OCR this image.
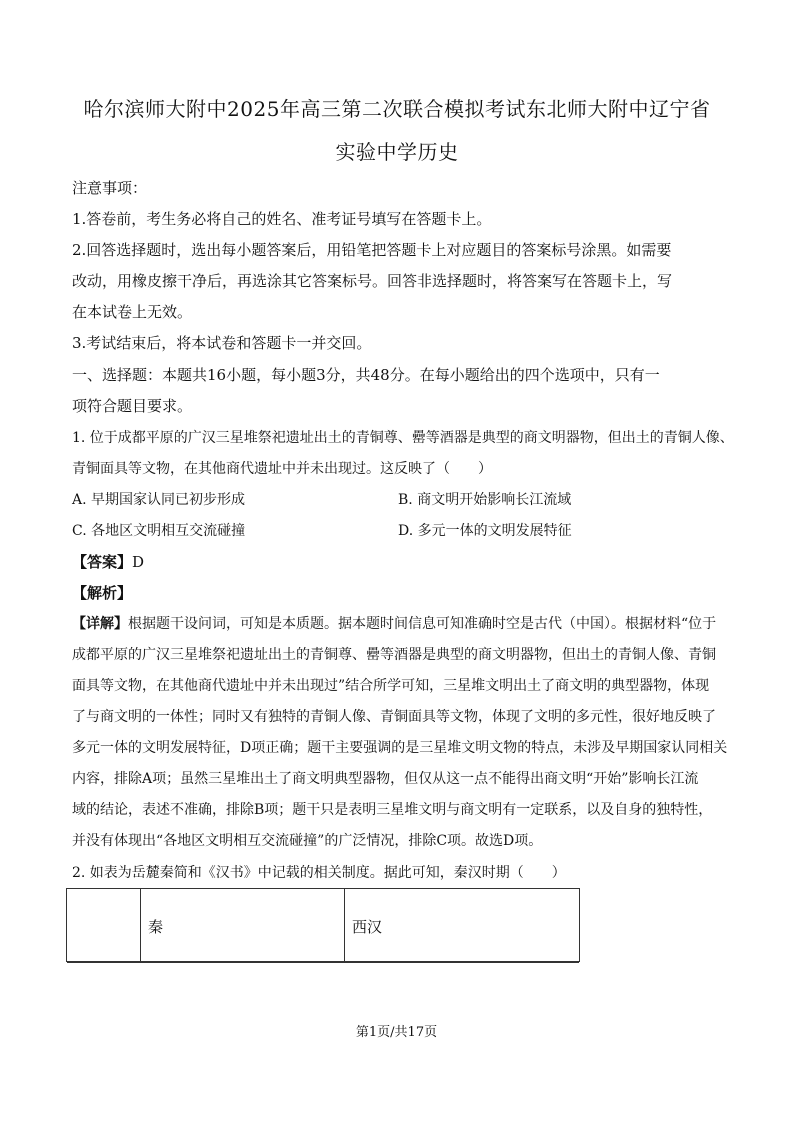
哈尔滨师大附中2025年高三第二次联合模拟考试东北师大附中辽宁省
实验中学历史
注意事项：
1.答卷前，考生务必将自己的姓名、准考证号填写在答题卡上。
2.回答选择题时，选出每小题答案后，用铅笔把答题卡上对应题目的答案标号涂黑。如需要
改动，用橡皮擦干净后，再选涂其它答案标号。回答非选择题时，将答案写在答题卡上，写
在本试卷上无效。
3.考试结束后，将本试卷和答题卡一并交回。
一、选择题：本题共16小题，每小题3分，共48分。在每小题给出的四个选项中，只有一
项符合题目要求。
1. 位于成都平原的广汉三星堆祭祀遗址出土的青铜尊、罍等酒器是典型的商文明器物，但出土的青铜人像、
青铜面具等文物，在其他商代遗址中并未出现过。这反映了（　　）
A. 早期国家认同已初步形成	B. 商文明开始影响长江流域
C. 各地区文明相互交流碰撞	D. 多元一体的文明发展特征
【答案】D
【解析】
【详解】根据题干设问词，可知是本质题。据本题时间信息可知准确时空是古代（中国）。根据材料“位于
成都平原的广汉三星堆祭祀遗址出土的青铜尊、罍等酒器是典型的商文明器物，但出土的青铜人像、青铜
面具等文物，在其他商代遗址中并未出现过”结合所学可知，三星堆文明出土了商文明的典型器物，体现
了与商文明的一体性；同时又有独特的青铜人像、青铜面具等文物，体现了文明的多元性，很好地反映了
多元一体的文明发展特征，D项正确；题干主要强调的是三星堆文明文物的特点，未涉及早期国家认同相关
内容，排除A项；虽然三星堆出土了商文明典型器物，但仅从这一点不能得出商文明“开始”影响长江流
域的结论，表述不准确，排除B项；题干只是表明三星堆文明与商文明有一定联系，以及自身的独特性，
并没有体现出“各地区文明相互交流碰撞”的广泛情况，排除C项。故选D项。
2. 如表为岳麓秦简和《汉书》中记载的相关制度。据此可知，秦汉时期（　　）
秦	西汉
第1页/共17页
